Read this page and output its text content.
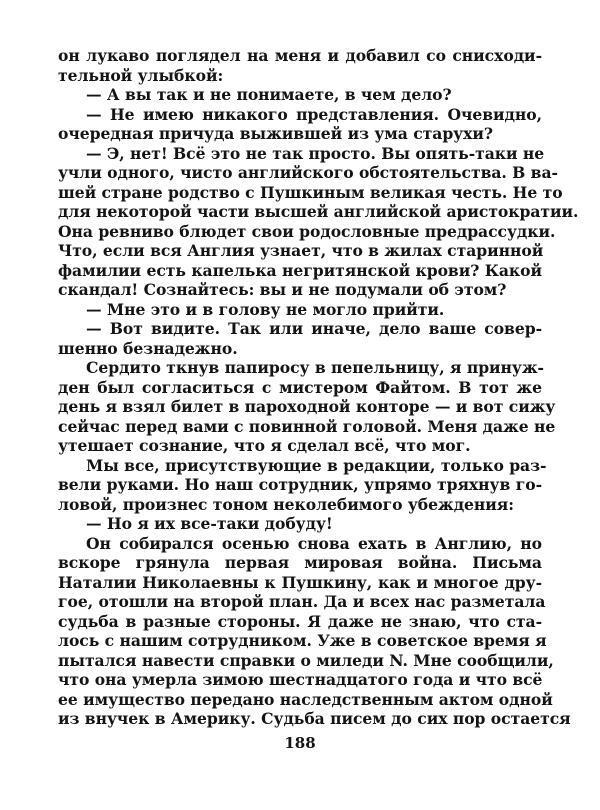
он лукаво поглядел на меня и добавил со снисходи-
тельной улыбкой:
— А вы так и не понимаете, в чем дело?
— Не имею никакого представления. Очевидно,
очередная причуда выжившей из ума старухи?
— Э, нет! Всё это не так просто. Вы опять-таки не
учли одного, чисто английского обстоятельства. В ва-
шей стране родство с Пушкиным великая честь. Не то
для некоторой части высшей английской аристократии.
Она ревниво блюдет свои родословные предрассудки.
Что, если вся Англия узнает, что в жилах старинной
фамилии есть капелька негритянской крови? Какой
скандал! Сознайтесь: вы и не подумали об этом?
— Мне это и в голову не могло прийти.
— Вот видите. Так или иначе, дело ваше совер-
шенно безнадежно.
Сердито ткнув папиросу в пепельницу, я принуж-
ден был согласиться с мистером Файтом. В тот же
день я взял билет в пароходной конторе — и вот сижу
сейчас перед вами с повинной головой. Меня даже не
утешает сознание, что я сделал всё, что мог.
Мы все, присутствующие в редакции, только раз-
вели руками. Но наш сотрудник, упрямо тряхнув го-
ловой, произнес тоном неколебимого убеждения:
— Но я их все-таки добуду!
Он собирался осенью снова ехать в Англию, но
вскоре грянула первая мировая война. Письма
Наталии Николаевны к Пушкину, как и многое дру-
гое, отошли на второй план. Да и всех нас разметала
судьба в разные стороны. Я даже не знаю, что ста-
лось с нашим сотрудником. Уже в советское время я
пытался навести справки о миледи N. Мне сообщили,
что она умерла зимою шестнадцатого года и что всё
ее имущество передано наследственным актом одной
из внучек в Америку. Судьба писем до сих пор остается
188
